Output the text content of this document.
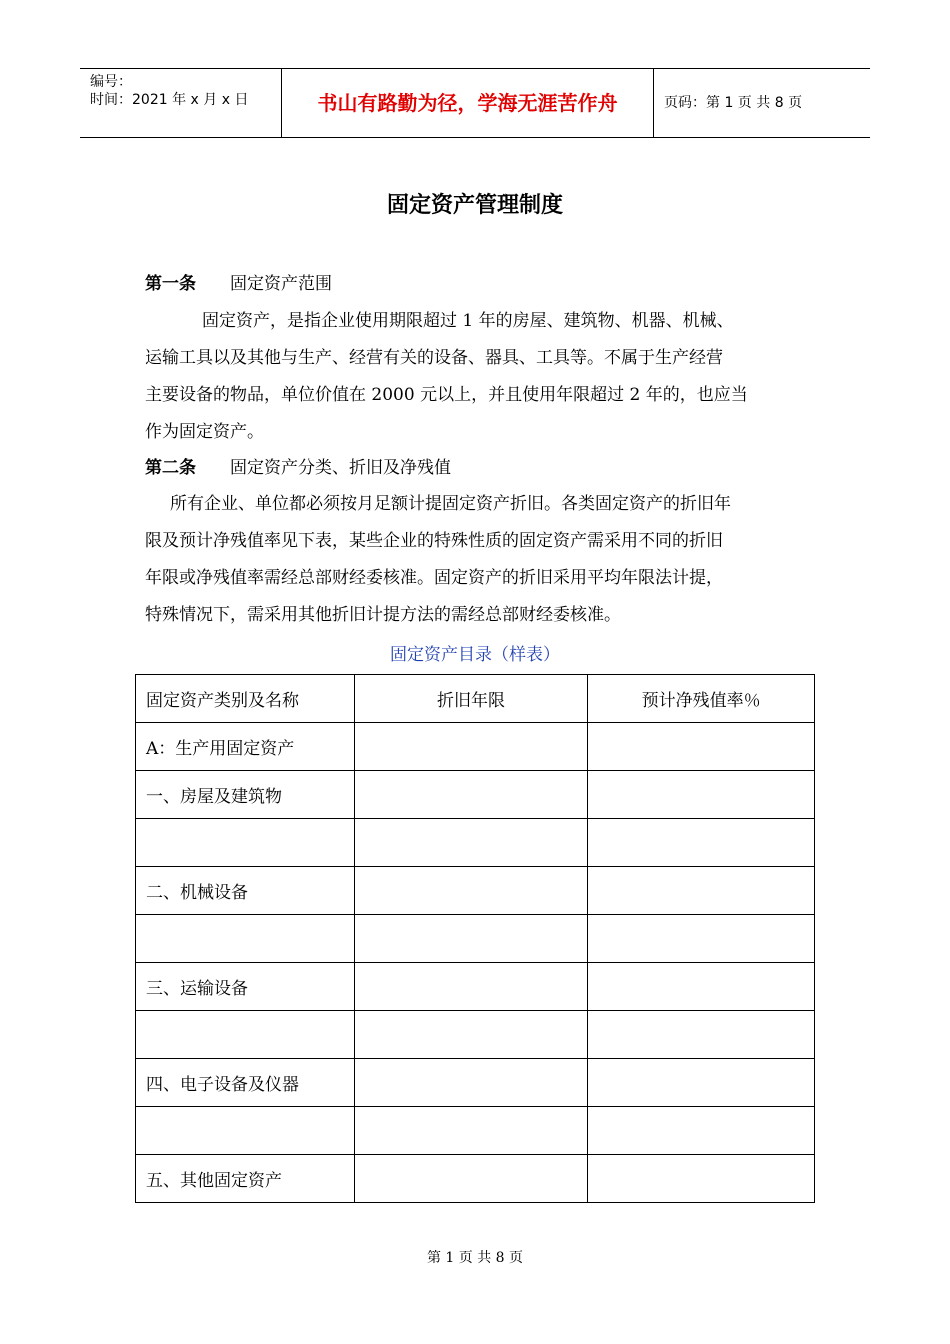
编号：
时间：2021 年 x 月 x 日	书山有路勤为径，学海无涯苦作舟	页码：第 1 页 共 8 页
固定资产管理制度
第一条 固定资产范围
固定资产，是指企业使用期限超过 1 年的房屋、建筑物、机器、机械、
运输工具以及其他与生产、经营有关的设备、器具、工具等。不属于生产经营
主要设备的物品，单位价值在 2000 元以上，并且使用年限超过 2 年的，也应当
作为固定资产。
第二条 固定资产分类、折旧及净残值
所有企业、单位都必须按月足额计提固定资产折旧。各类固定资产的折旧年
限及预计净残值率见下表，某些企业的特殊性质的固定资产需采用不同的折旧
年限或净残值率需经总部财经委核准。固定资产的折旧采用平均年限法计提，
特殊情况下，需采用其他折旧计提方法的需经总部财经委核准。
固定资产目录（样表）
固定资产类别及名称	折旧年限	预计净残值率％
A：生产用固定资产		
一、房屋及建筑物		

二、机械设备		

三、运输设备		

四、电子设备及仪器		

五、其他固定资产		
第 1 页 共 8 页
